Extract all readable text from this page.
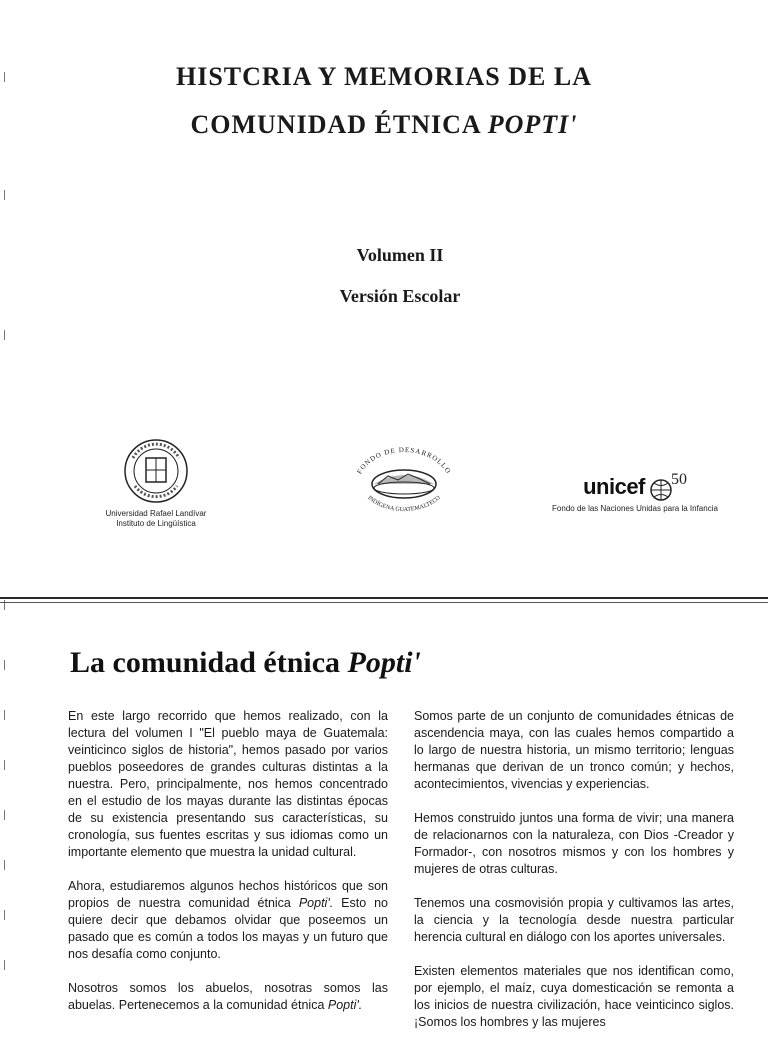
HISTCRIA Y MEMORIAS DE LA
COMUNIDAD ÉTNICA POPTI'
Volumen II
Versión Escolar
Universidad Rafael Landívar
Instituto de Lingüística
FONDO DE DESARROLLO
INDÍGENA GUATEMALTECO	unicef 50
Fondo de las Naciones Unidas para la Infancia
La comunidad étnica Popti'

En este largo recorrido que hemos realizado, con la lectura del volumen I "El pueblo maya de Guatemala: veinticinco siglos de historia", hemos pasado por varios pueblos poseedores de grandes culturas distintas a la nuestra. Pero, principalmente, nos hemos concentrado en el estudio de los mayas durante las distintas épocas de su existencia presentando sus características, su cronología, sus fuentes escritas y sus idiomas como un importante elemento que muestra la unidad cultural.

Ahora, estudiaremos algunos hechos históricos que son propios de nuestra comunidad étnica Popti'. Esto no quiere decir que debamos olvidar que poseemos un pasado que es común a todos los mayas y un futuro que nos desafía como conjunto.

Nosotros somos los abuelos, nosotras somos las abuelas. Pertenecemos a la comunidad étnica Popti'.

Somos parte de un conjunto de comunidades étnicas de ascendencia maya, con las cuales hemos compartido a lo largo de nuestra historia, un mismo territorio; lenguas hermanas que derivan de un tronco común; y hechos, acontecimientos, vivencias y experiencias.

Hemos construido juntos una forma de vivir; una manera de relacionarnos con la naturaleza, con Dios -Creador y Formador-, con nosotros mismos y con los hombres y mujeres de otras culturas.

Tenemos una cosmovisión propia y cultivamos las artes, la ciencia y la tecnología desde nuestra particular herencia cultural en diálogo con los aportes universales.

Existen elementos materiales que nos identifican como, por ejemplo, el maíz, cuya domesticación se remonta a los inicios de nuestra civilización, hace veinticinco siglos. ¡Somos los hombres y las mujeres
